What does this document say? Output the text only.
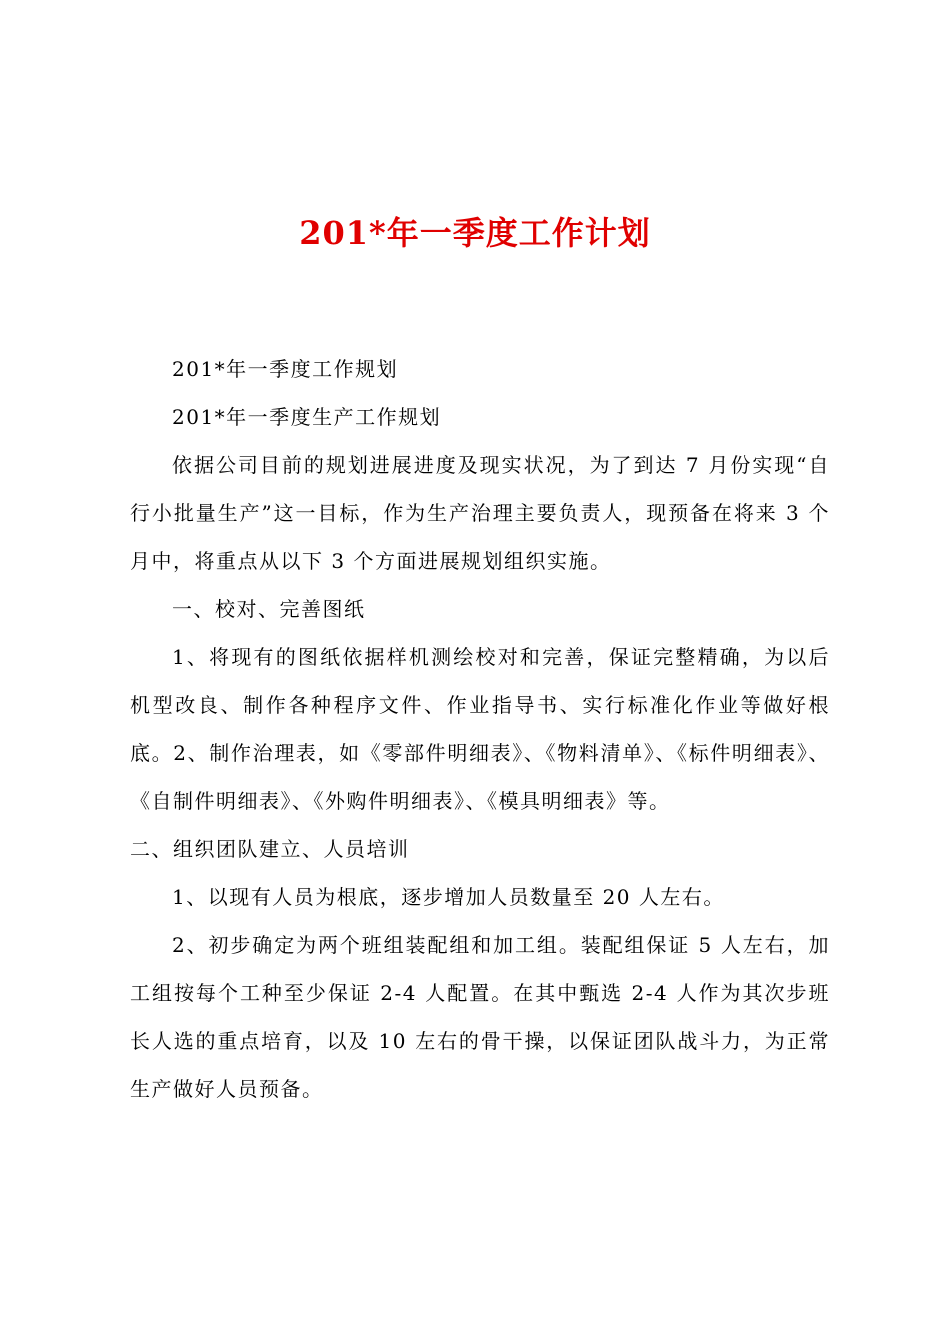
201*年一季度工作计划

201*年一季度工作规划

201*年一季度生产工作规划

依据公司目前的规划进展进度及现实状况，为了到达 7 月份实现“自行小批量生产”这一目标，作为生产治理主要负责人，现预备在将来 3 个月中，将重点从以下 3 个方面进展规划组织实施。

一、校对、完善图纸

1、将现有的图纸依据样机测绘校对和完善，保证完整精确，为以后机型改良、制作各种程序文件、作业指导书、实行标准化作业等做好根底。2、制作治理表，如《零部件明细表》、《物料清单》、《标件明细表》、《自制件明细表》、《外购件明细表》、《模具明细表》等。

二、组织团队建立、人员培训

1、以现有人员为根底，逐步增加人员数量至 20 人左右。

2、初步确定为两个班组装配组和加工组。装配组保证 5 人左右，加工组按每个工种至少保证 2-4 人配置。在其中甄选 2-4 人作为其次步班长人选的重点培育，以及 10 左右的骨干操，以保证团队战斗力，为正常生产做好人员预备。
